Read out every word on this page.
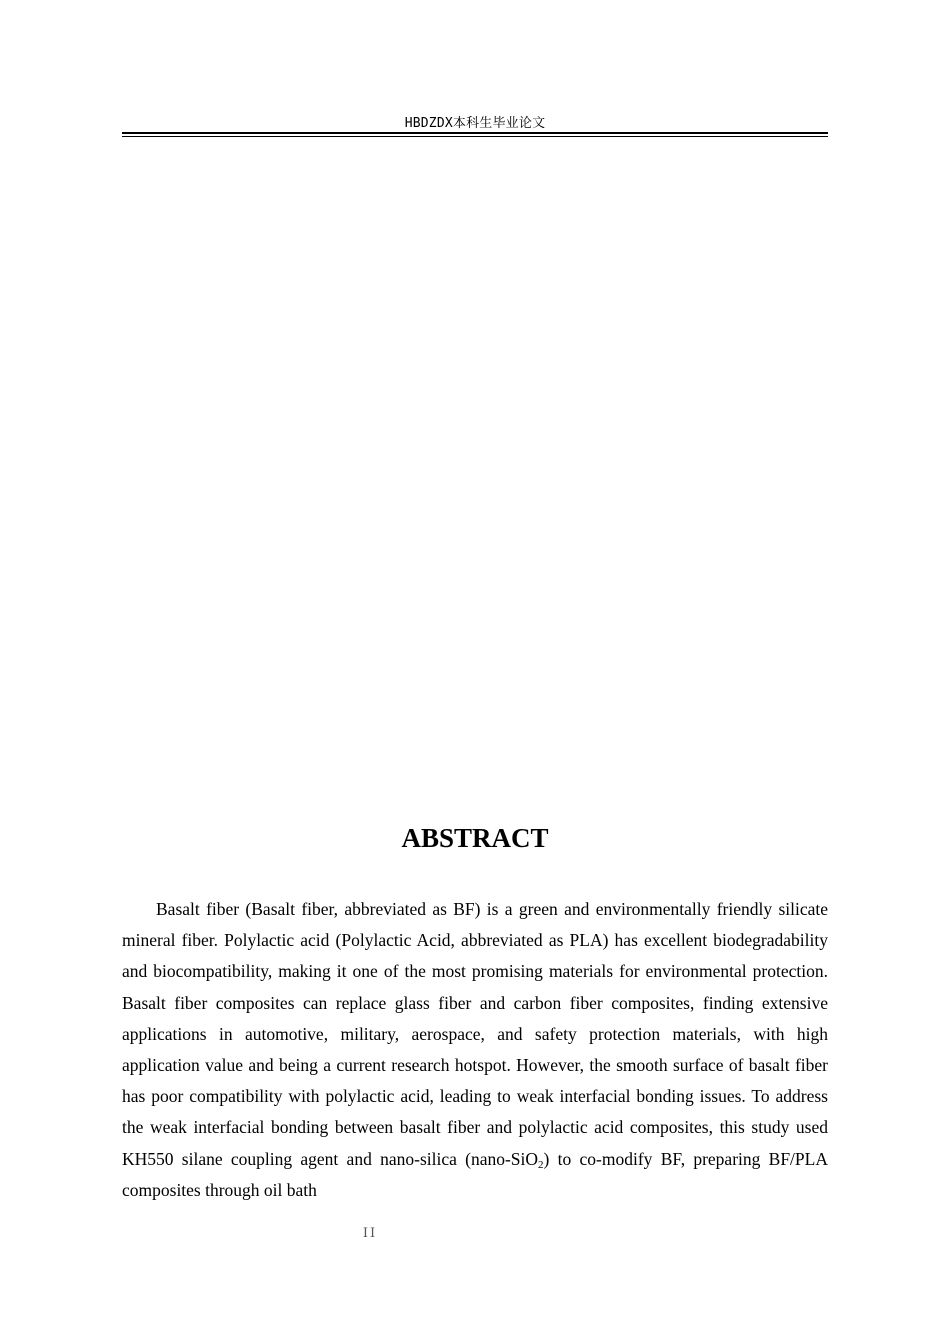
HBDZDX本科生毕业论文
ABSTRACT

Basalt fiber (Basalt fiber, abbreviated as BF) is a green and environmentally friendly silicate mineral fiber. Polylactic acid (Polylactic Acid, abbreviated as PLA) has excellent biodegradability and biocompatibility, making it one of the most promising materials for environmental protection. Basalt fiber composites can replace glass fiber and carbon fiber composites, finding extensive applications in automotive, military, aerospace, and safety protection materials, with high application value and being a current research hotspot. However, the smooth surface of basalt fiber has poor compatibility with polylactic acid, leading to weak interfacial bonding issues. To address the weak interfacial bonding between basalt fiber and polylactic acid composites, this study used KH550 silane coupling agent and nano-silica (nano-SiO$_2$) to co-modify BF, preparing BF/PLA composites through oil bath

II
